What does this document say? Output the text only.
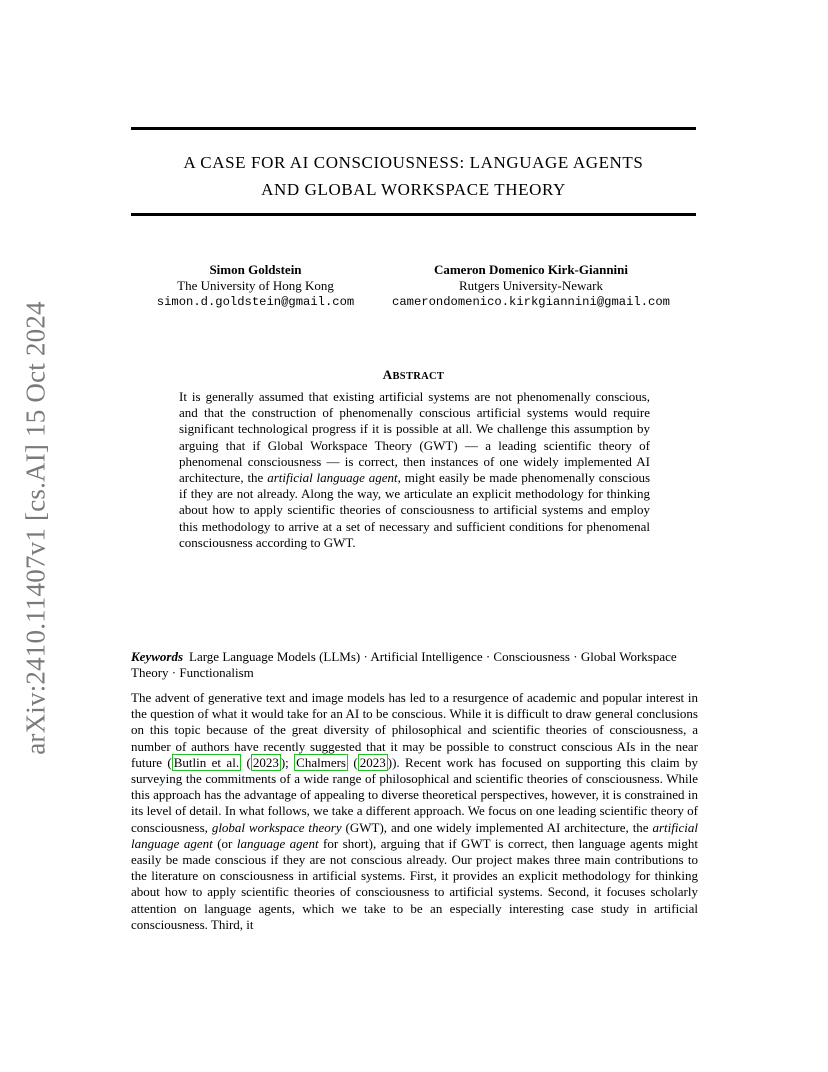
arXiv:2410.11407v1 [cs.AI] 15 Oct 2024
A CASE FOR AI CONSCIOUSNESS: LANGUAGE AGENTS
AND GLOBAL WORKSPACE THEORY
Simon Goldstein
The University of Hong Kong
simon.d.goldstein@gmail.com
Cameron Domenico Kirk-Giannini
Rutgers University-Newark
camerondomenico.kirkgiannini@gmail.com
ABSTRACT
It is generally assumed that existing artificial systems are not phenomenally conscious, and that the construction of phenomenally conscious artificial systems would require significant technological progress if it is possible at all. We challenge this assumption by arguing that if Global Workspace Theory (GWT) — a leading scientific theory of phenomenal consciousness — is correct, then instances of one widely implemented AI architecture, the artificial language agent, might easily be made phenomenally conscious if they are not already. Along the way, we articulate an explicit methodology for thinking about how to apply scientific theories of consciousness to artificial systems and employ this methodology to arrive at a set of necessary and sufficient conditions for phenomenal consciousness according to GWT.
Keywords Large Language Models (LLMs) · Artificial Intelligence · Consciousness · Global Workspace Theory · Functionalism
The advent of generative text and image models has led to a resurgence of academic and popular interest in the question of what it would take for an AI to be conscious. While it is difficult to draw general conclusions on this topic because of the great diversity of philosophical and scientific theories of consciousness, a number of authors have recently suggested that it may be possible to construct conscious AIs in the near future ( Butlin et al. ( 2023 ); Chalmers ( 2023 )). Recent work has focused on supporting this claim by surveying the commitments of a wide range of philosophical and scientific theories of consciousness. While this approach has the advantage of appealing to diverse theoretical perspectives, however, it is constrained in its level of detail. In what follows, we take a different approach. We focus on one leading scientific theory of consciousness, global workspace theory (GWT), and one widely implemented AI architecture, the artificial language agent (or language agent for short), arguing that if GWT is correct, then language agents might easily be made conscious if they are not conscious already. Our project makes three main contributions to the literature on consciousness in artificial systems. First, it provides an explicit methodology for thinking about how to apply scientific theories of consciousness to artificial systems. Second, it focuses scholarly attention on language agents, which we take to be an especially interesting case study in artificial consciousness. Third, it
